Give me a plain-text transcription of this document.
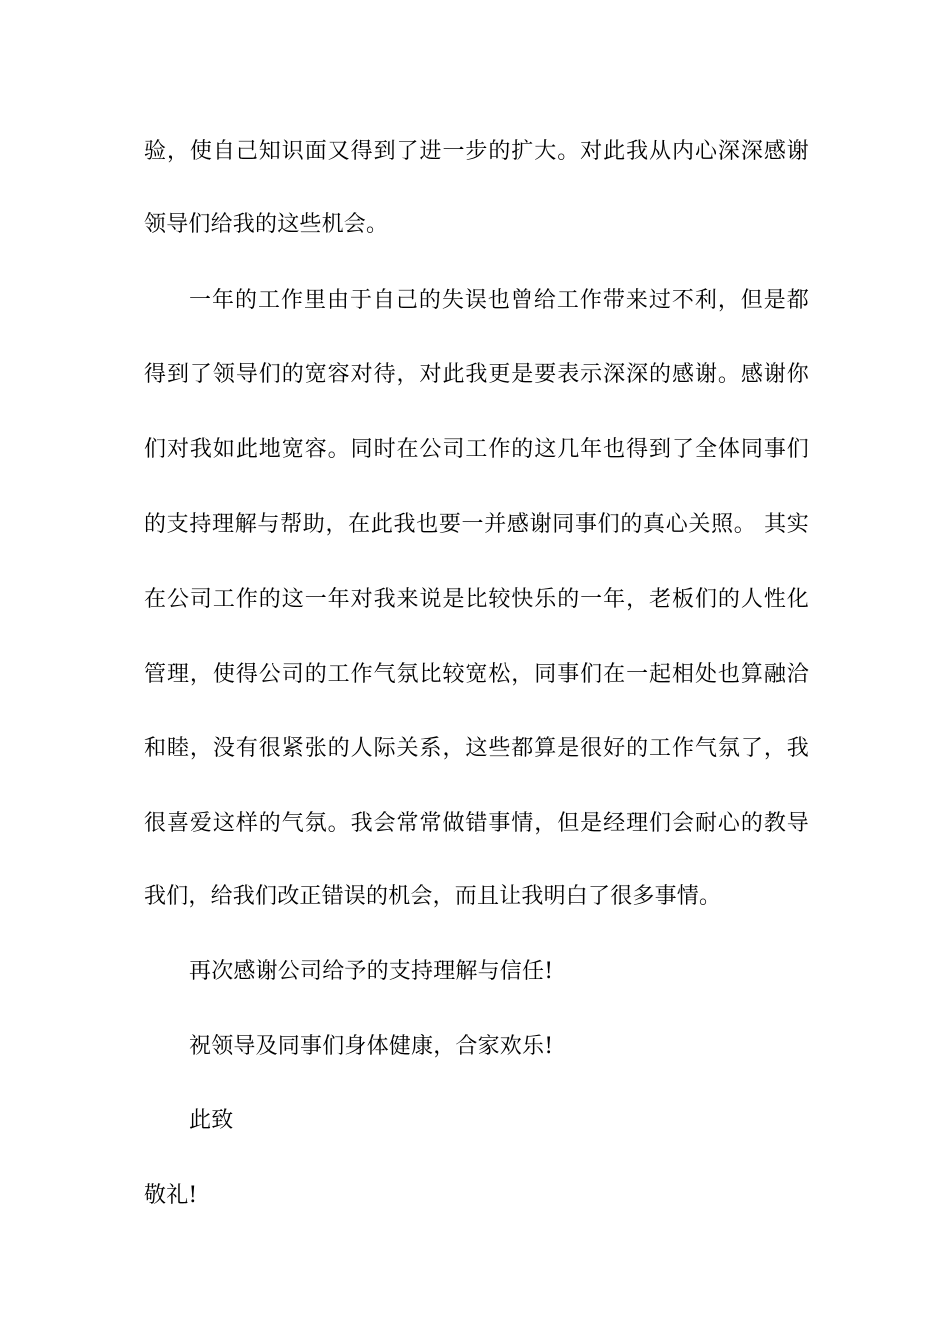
验，使自己知识面又得到了进一步的扩大。对此我从内心深深感谢
领导们给我的这些机会。
一年的工作里由于自己的失误也曾给工作带来过不利，但是都
得到了领导们的宽容对待，对此我更是要表示深深的感谢。感谢你
们对我如此地宽容。同时在公司工作的这几年也得到了全体同事们
的支持理解与帮助，在此我也要一并感谢同事们的真心关照。 其实
在公司工作的这一年对我来说是比较快乐的一年，老板们的人性化
管理，使得公司的工作气氛比较宽松，同事们在一起相处也算融洽
和睦，没有很紧张的人际关系，这些都算是很好的工作气氛了，我
很喜爱这样的气氛。我会常常做错事情，但是经理们会耐心的教导
我们，给我们改正错误的机会，而且让我明白了很多事情。
再次感谢公司给予的支持理解与信任!
祝领导及同事们身体健康，合家欢乐!
此致
敬礼!
